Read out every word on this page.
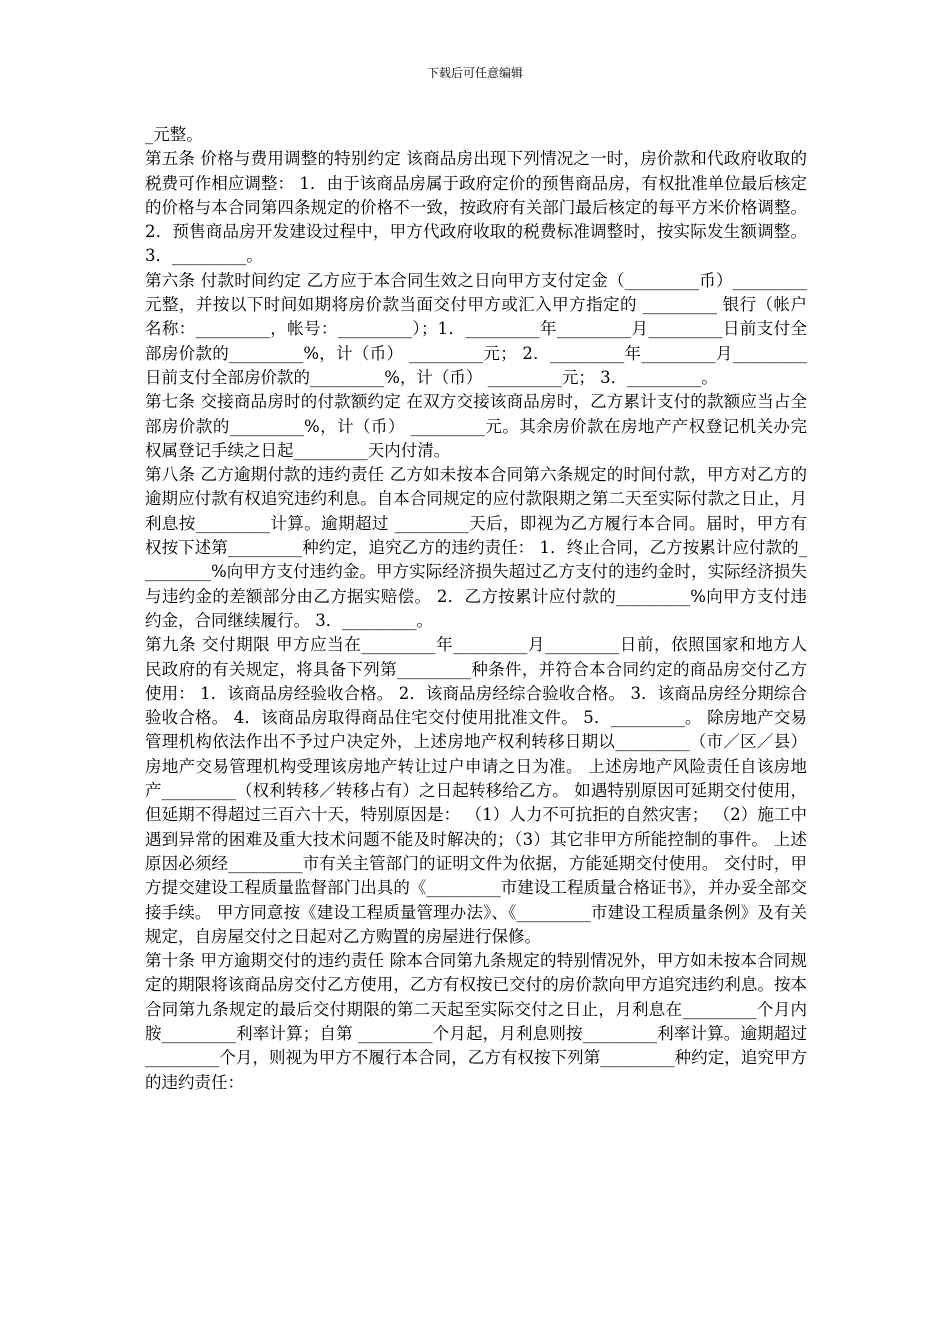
下载后可任意编辑

_元整。

第五条 价格与费用调整的特别约定 该商品房出现下列情况之一时，房价款和代政府收取的税费可作相应调整： 1．由于该商品房属于政府定价的预售商品房，有权批准单位最后核定的价格与本合同第四条规定的价格不一致，按政府有关部门最后核定的每平方米价格调整。 2．预售商品房开发建设过程中，甲方代政府收取的税费标准调整时，按实际发生额调整。 3．_________。

第六条 付款时间约定 乙方应于本合同生效之日向甲方支付定金（_________币）_________元整，并按以下时间如期将房价款当面交付甲方或汇入甲方指定的 _________ 银行（帐户名称：_________，帐号：_________）；1．_________年_________月_________日前支付全部房价款的_________%，计（币） _________元； 2．_________年_________月_________日前支付全部房价款的_________%，计（币） _________元； 3．_________。

第七条 交接商品房时的付款额约定 在双方交接该商品房时，乙方累计支付的款额应当占全部房价款的_________%，计（币） _________元。其余房价款在房地产产权登记机关办完权属登记手续之日起_________天内付清。

第八条 乙方逾期付款的违约责任 乙方如未按本合同第六条规定的时间付款，甲方对乙方的逾期应付款有权追究违约利息。自本合同规定的应付款限期之第二天至实际付款之日止，月利息按_________计算。逾期超过 _________天后，即视为乙方履行本合同。届时，甲方有权按下述第_________种约定，追究乙方的违约责任： 1．终止合同，乙方按累计应付款的_________%向甲方支付违约金。甲方实际经济损失超过乙方支付的违约金时，实际经济损失与违约金的差额部分由乙方据实赔偿。 2．乙方按累计应付款的_________%向甲方支付违约金，合同继续履行。 3．_________。

第九条 交付期限 甲方应当在_________年_________月_________日前，依照国家和地方人民政府的有关规定，将具备下列第_________种条件，并符合本合同约定的商品房交付乙方使用： 1．该商品房经验收合格。 2．该商品房经综合验收合格。 3．该商品房经分期综合验收合格。 4．该商品房取得商品住宅交付使用批准文件。 5．_________。 除房地产交易管理机构依法作出不予过户决定外，上述房地产权利转移日期以_________（市／区／县）房地产交易管理机构受理该房地产转让过户申请之日为准。 上述房地产风险责任自该房地产_________（权利转移／转移占有）之日起转移给乙方。 如遇特别原因可延期交付使用，但延期不得超过三百六十天，特别原因是： （1）人力不可抗拒的自然灾害； （2）施工中遇到异常的困难及重大技术问题不能及时解决的；（3）其它非甲方所能控制的事件。 上述原因必须经_________市有关主管部门的证明文件为依据，方能延期交付使用。 交付时，甲方提交建设工程质量监督部门出具的《_________市建设工程质量合格证书》，并办妥全部交接手续。 甲方同意按《建设工程质量管理办法》、《_________市建设工程质量条例》及有关规定，自房屋交付之日起对乙方购置的房屋进行保修。

第十条 甲方逾期交付的违约责任 除本合同第九条规定的特别情况外，甲方如未按本合同规定的期限将该商品房交付乙方使用，乙方有权按已交付的房价款向甲方追究违约利息。按本合同第九条规定的最后交付期限的第二天起至实际交付之日止，月利息在_________个月内胺_________利率计算；自第 _________个月起，月利息则按_________利率计算。逾期超过_________个月，则视为甲方不履行本合同，乙方有权按下列第_________种约定，追究甲方的违约责任：
